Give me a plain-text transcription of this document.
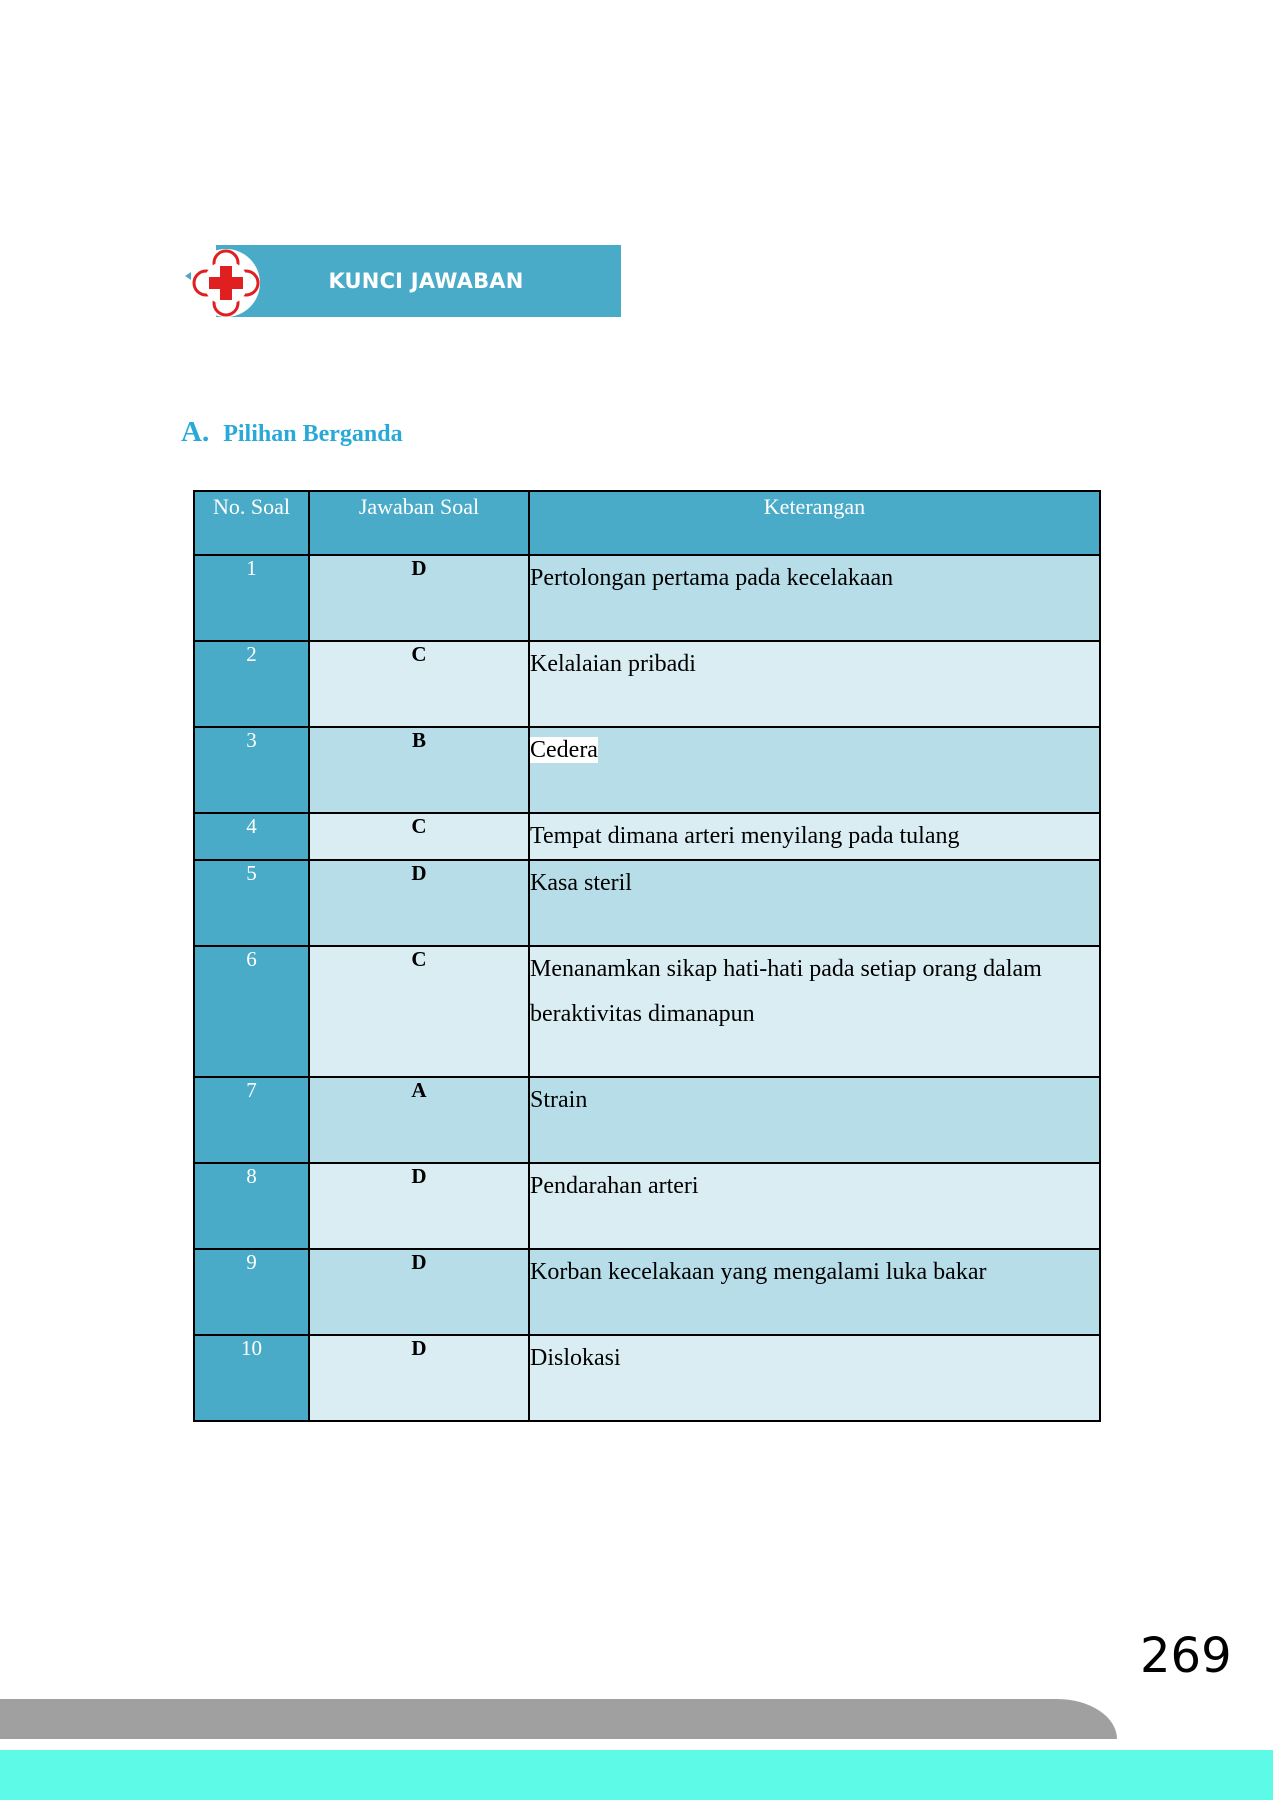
KUNCI JAWABAN
A. Pilihan Berganda
No. Soal	Jawaban Soal	Keterangan
1	D	Pertolongan pertama pada kecelakaan
2	C	Kelalaian pribadi
3	B	Cedera
4	C	Tempat dimana arteri menyilang pada tulang
5	D	Kasa steril
6	C	Menanamkan sikap hati-hati pada setiap orang dalam beraktivitas dimanapun
7	A	Strain
8	D	Pendarahan arteri
9	D	Korban kecelakaan yang mengalami luka bakar
10	D	Dislokasi
269
